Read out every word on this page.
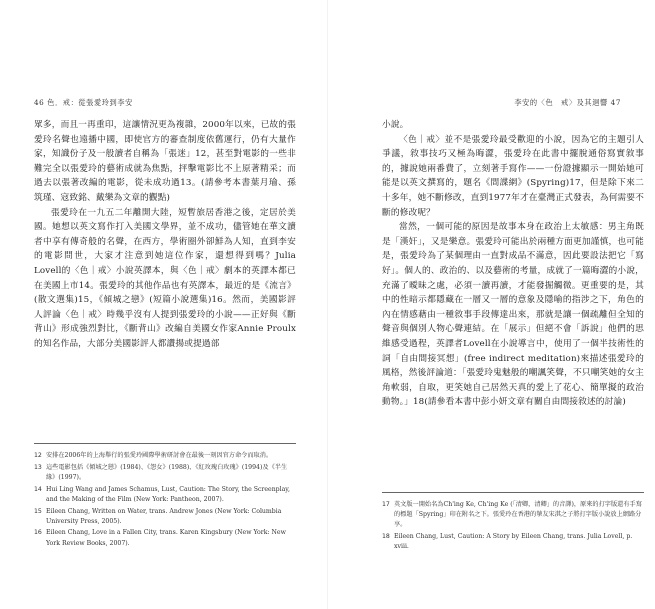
46 色．戒：從張愛玲到李安

眾多，而且一再重印，這讓情況更為複雜，2000年以來，已故的張愛玲名聲也遠播中國，即使官方的審查制度依舊運行，仍有大量作家，知識份子及一般讀者自稱為「張迷」12，甚至對電影的一些非難完全以張愛玲的藝術成就為焦點，抨擊電影比不上原著精采；而過去以張著改編的電影，從未成功過13。(請參考本書葉月瑜、孫筑瑾、寇致銘、戴樂為文章的觀點)

張愛玲在一九五二年離開大陸，短暫旅居香港之後，定居於美國。她想以英文寫作打入美國文學界，並不成功，儘管她在華文讀者中享有傳奇般的名聲，在西方，學術圈外卻鮮為人知，直到李安的電影問世，大家才注意到她這位作家，還想得到嗎？Julia Lovell的〈色｜戒〉小說英譯本，與〈色｜戒〉劇本的英譯本都已在美國上市14。張愛玲的其他作品也有英譯本，最近的是《流言》(散文選集)15，《傾城之戀》(短篇小說選集)16。然而，美國影評人評論〈色｜戒〉時幾乎沒有人提到張愛玲的小說——正好與《斷背山》形成強烈對比，《斷背山》改編自美國女作家Annie Proulx的知名作品，大部分美國影評人都讚揚或提過部

12 安排在2006年的上海舉行的張愛玲國際學術研討會在最後一刻因官方命令而取消。
13 這些電影包括《傾城之戀》(1984)、《怨女》(1988)、《紅玫瑰白玫瑰》(1994)及《半生緣》(1997)。
14 Hui Ling Wang and James Schamus, Lust, Caution: The Story, the Screenplay, and the Making of the Film (New York: Pantheon, 2007).
15 Eileen Chang, Written on Water, trans. Andrew Jones (New York: Columbia University Press, 2005).
16 Eileen Chang, Love in a Fallen City, trans. Karen Kingsbury (New York: New York Review Books, 2007).
李安的〈色　戒〉及其迴響 47

小說。

〈色｜戒〉並不是張愛玲最受歡迎的小說，因為它的主題引人爭議，敘事技巧又極為晦澀，張愛玲在此書中擺脫通俗寫實敘事的，據說她兩番費了，立刻著手寫作——一份證據顯示一開始她可能是以英文撰寫的，題名《間諜網》(Spyring)17，但是除下來二十多年，她不斷修改，直到1977年才在臺灣正式發表，為何需要不斷的修改呢？

當然，一個可能的原因是故事本身在政治上太敏感：男主角既是「漢奸」，又是樂意。張愛玲可能出於兩種方面更加謹慎，也可能是，張愛玲為了某個理由一直對成品不滿意，因此要設法把它「寫好」。個人的、政治的、以及藝術的考量，成就了一篇晦澀的小說，充滿了曖昧之處，必須一讀再讀，才能發掘觸微。更重要的是，其中的性暗示都隱藏在一層又一層的意象及隱喻的指涉之下，角色的內在情感藉由一種敘事手段傳達出來，那就是讓一個疏離但全知的聲音與個別人物心聲連結。在「展示」但絕不會「訴說」他們的思維感受過程，英譯者Lovell在小說導言中，使用了一個半技術性的詞「自由間接冥想」(free indirect meditation)來描述張愛玲的風格，然後評論道：「張愛玲鬼魅般的嘲諷笑聲，不只嘲笑她的女主角軟弱，自取，更笑她自己居然天真的愛上了花心、簡單擬的政治動物。」18(請參看本書中彭小妍文章有關自由間接敘述的討論)

17 英文版一開始名為Ch'ing Ke, Ch'ing Ke (「清卿，清卿」的音譯)，原來的打字版還有手寫的標題「Spyring」印在附名之下。張愛玲在香港的摯友宋淇之子將打字版小說放上網路分享。
18 Eileen Chang, Lust, Caution: A Story by Eileen Chang, trans. Julia Lovell, p. xviii.
